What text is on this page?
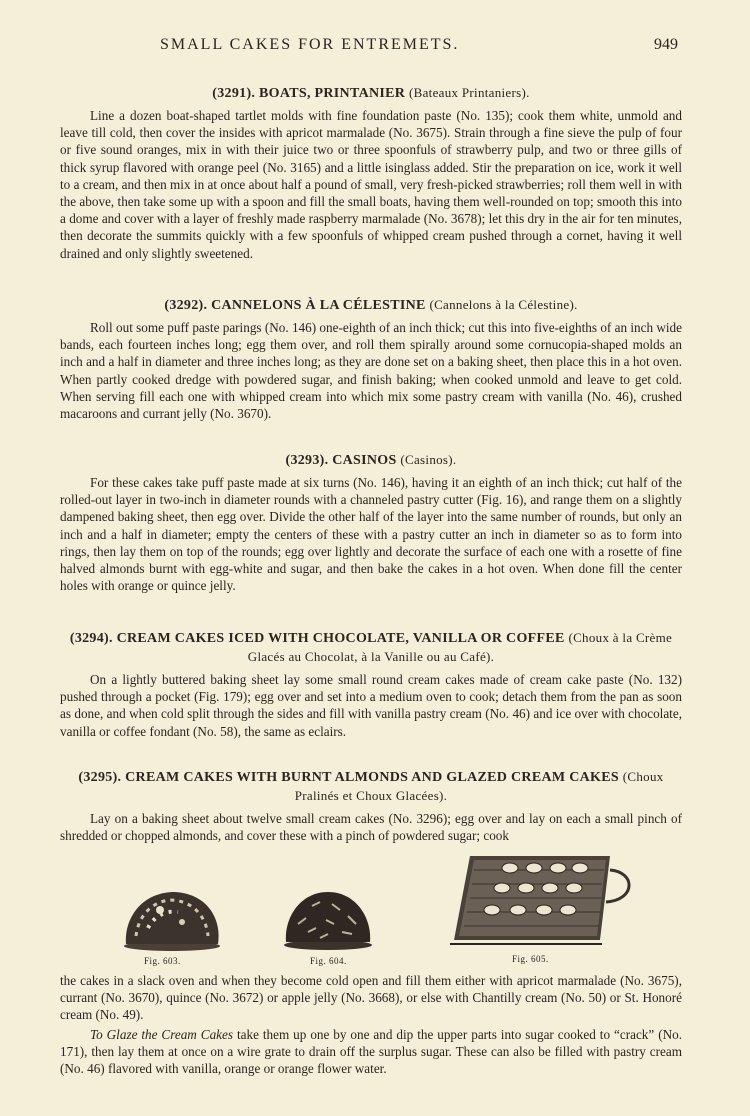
SMALL CAKES FOR ENTREMETS.	949
(3291). BOATS, PRINTANIER (Bateaux Printaniers).

Line a dozen boat-shaped tartlet molds with fine foundation paste (No. 135); cook them white, unmold and leave till cold, then cover the insides with apricot marmalade (No. 3675). Strain through a fine sieve the pulp of four or five sound oranges, mix in with their juice two or three spoonfuls of strawberry pulp, and two or three gills of thick syrup flavored with orange peel (No. 3165) and a little isinglass added. Stir the preparation on ice, work it well to a cream, and then mix in at once about half a pound of small, very fresh-picked strawberries; roll them well in with the above, then take some up with a spoon and fill the small boats, having them well-rounded on top; smooth this into a dome and cover with a layer of freshly made raspberry marmalade (No. 3678); let this dry in the air for ten minutes, then decorate the summits quickly with a few spoonfuls of whipped cream pushed through a cornet, having it well drained and only slightly sweetened.

(3292). CANNELONS À LA CÉLESTINE (Cannelons à la Célestine).

Roll out some puff paste parings (No. 146) one-eighth of an inch thick; cut this into five-eighths of an inch wide bands, each fourteen inches long; egg them over, and roll them spirally around some cornucopia-shaped molds an inch and a half in diameter and three inches long; as they are done set on a baking sheet, then place this in a hot oven. When partly cooked dredge with powdered sugar, and finish baking; when cooked unmold and leave to get cold. When serving fill each one with whipped cream into which mix some pastry cream with vanilla (No. 46), crushed macaroons and currant jelly (No. 3670).

(3293). CASINOS (Casinos).

For these cakes take puff paste made at six turns (No. 146), having it an eighth of an inch thick; cut half of the rolled-out layer in two-inch in diameter rounds with a channeled pastry cutter (Fig. 16), and range them on a slightly dampened baking sheet, then egg over. Divide the other half of the layer into the same number of rounds, but only an inch and a half in diameter; empty the centers of these with a pastry cutter an inch in diameter so as to form into rings, then lay them on top of the rounds; egg over lightly and decorate the surface of each one with a rosette of fine halved almonds burnt with egg-white and sugar, and then bake the cakes in a hot oven. When done fill the center holes with orange or quince jelly.

(3294). CREAM CAKES ICED WITH CHOCOLATE, VANILLA OR COFFEE (Choux à la Crème Glacés au Chocolat, à la Vanille ou au Café).

On a lightly buttered baking sheet lay some small round cream cakes made of cream cake paste (No. 132) pushed through a pocket (Fig. 179); egg over and set into a medium oven to cook; detach them from the pan as soon as done, and when cold split through the sides and fill with vanilla pastry cream (No. 46) and ice over with chocolate, vanilla or coffee fondant (No. 58), the same as eclairs.

(3295). CREAM CAKES WITH BURNT ALMONDS AND GLAZED CREAM CAKES (Choux Pralinés et Choux Glacées).

Lay on a baking sheet about twelve small cream cakes (No. 3296); egg over and lay on each a small pinch of shredded or chopped almonds, and cover these with a pinch of powdered sugar; cook

Fig. 603.	Fig. 604.	Fig. 605.

the cakes in a slack oven and when they become cold open and fill them either with apricot marmalade (No. 3675), currant (No. 3670), quince (No. 3672) or apple jelly (No. 3668), or else with Chantilly cream (No. 50) or St. Honoré cream (No. 49).

To Glaze the Cream Cakes take them up one by one and dip the upper parts into sugar cooked to “crack” (No. 171), then lay them at once on a wire grate to drain off the surplus sugar. These can also be filled with pastry cream (No. 46) flavored with vanilla, orange or orange flower water.
